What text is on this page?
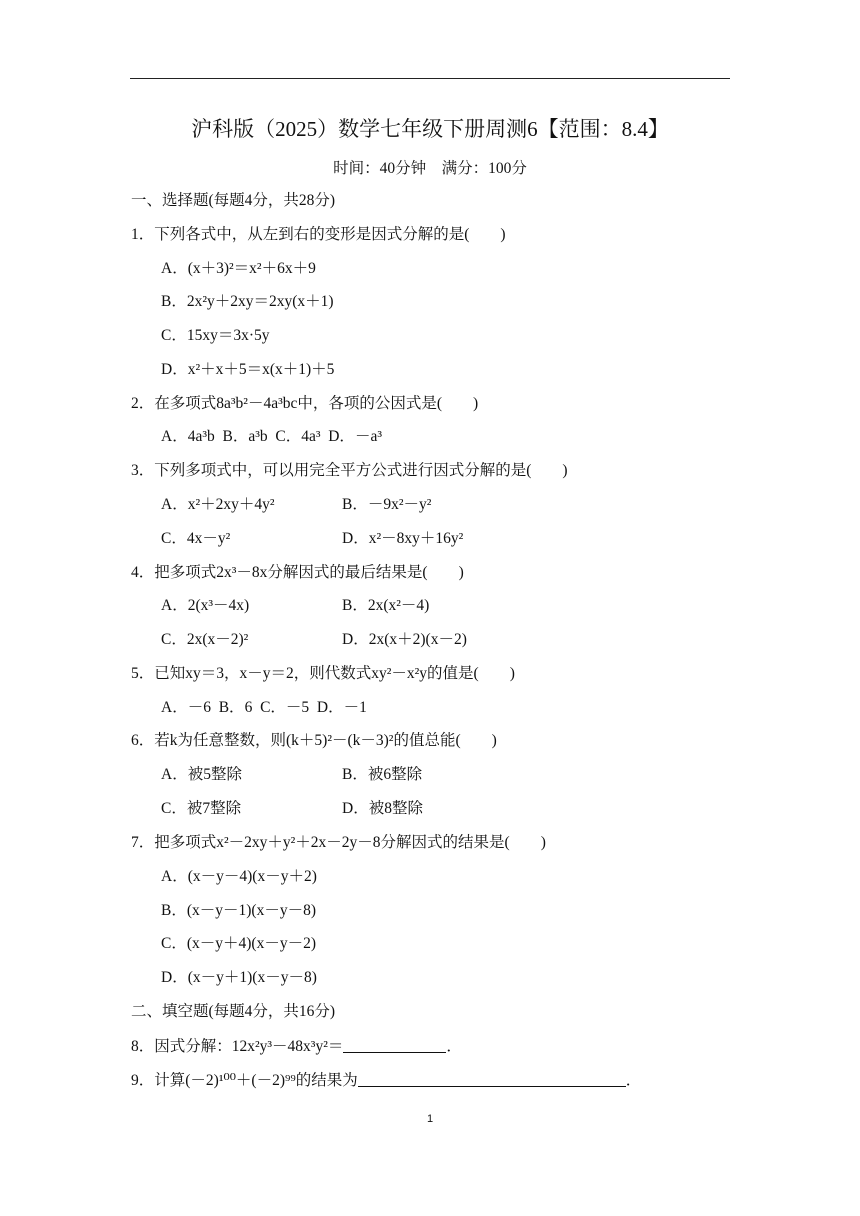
沪科版（2025）数学七年级下册周测6【范围：8.4】
时间：40分钟　满分：100分
一、选择题(每题4分，共28分)
1．下列各式中，从左到右的变形是因式分解的是(　　)
A．(x＋3)²＝x²＋6x＋9
B．2x²y＋2xy＝2xy(x＋1)
C．15xy＝3x·5y
D．x²＋x＋5＝x(x＋1)＋5
2．在多项式8a³b²－4a³bc中，各项的公因式是(　　)
A．4a³b B．a³b C．4a³ D．－a³
3．下列多项式中，可以用完全平方公式进行因式分解的是(　　)
A．x²＋2xy＋4y²	B．－9x²－y²
C．4x－y²	D．x²－8xy＋16y²
4．把多项式2x³－8x分解因式的最后结果是(　　)
A．2(x³－4x)	B．2x(x²－4)
C．2x(x－2)²	D．2x(x＋2)(x－2)
5．已知xy＝3，x－y＝2，则代数式xy²－x²y的值是(　　)
A．－6 B．6 C．－5 D．－1
6．若k为任意整数，则(k＋5)²－(k－3)²的值总能(　　)
A．被5整除	B．被6整除
C．被7整除	D．被8整除
7．把多项式x²－2xy＋y²＋2x－2y－8分解因式的结果是(　　)
A．(x－y－4)(x－y＋2)
B．(x－y－1)(x－y－8)
C．(x－y＋4)(x－y－2)
D．(x－y＋1)(x－y－8)
二、填空题(每题4分，共16分)
8．因式分解：12x²y³－48x³y²＝	．
9．计算(－2)¹⁰⁰＋(－2)⁹⁹的结果为	．
1
